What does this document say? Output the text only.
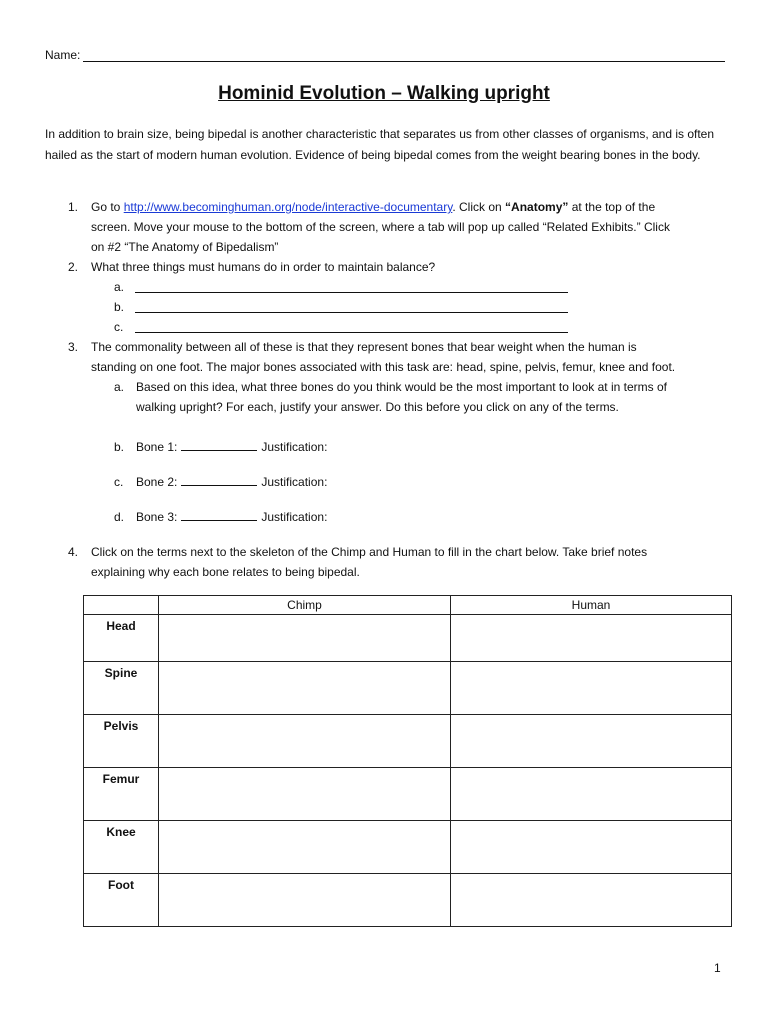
Name:
Hominid Evolution – Walking upright
In addition to brain size, being bipedal is another characteristic that separates us from other classes of organisms, and is often hailed as the start of modern human evolution. Evidence of being bipedal comes from the weight bearing bones in the body.
1. Go to http://www.becominghuman.org/node/interactive-documentary. Click on “Anatomy” at the top of the
screen. Move your mouse to the bottom of the screen, where a tab will pop up called “Related Exhibits.” Click
on #2 “The Anatomy of Bipedalism”
2. What three things must humans do in order to maintain balance?
a.
b.
c.
3. The commonality between all of these is that they represent bones that bear weight when the human is
standing on one foot. The major bones associated with this task are: head, spine, pelvis, femur, knee and foot.
a. Based on this idea, what three bones do you think would be the most important to look at in terms of
walking upright? For each, justify your answer. Do this before you click on any of the terms.
b. Bone 1:	Justification:
c. Bone 2:	Justification:
d. Bone 3:	Justification:
4. Click on the terms next to the skeleton of the Chimp and Human to fill in the chart below. Take brief notes
explaining why each bone relates to being bipedal.
	Chimp	Human
Head		
Spine		
Pelvis		
Femur		
Knee		
Foot		
1
